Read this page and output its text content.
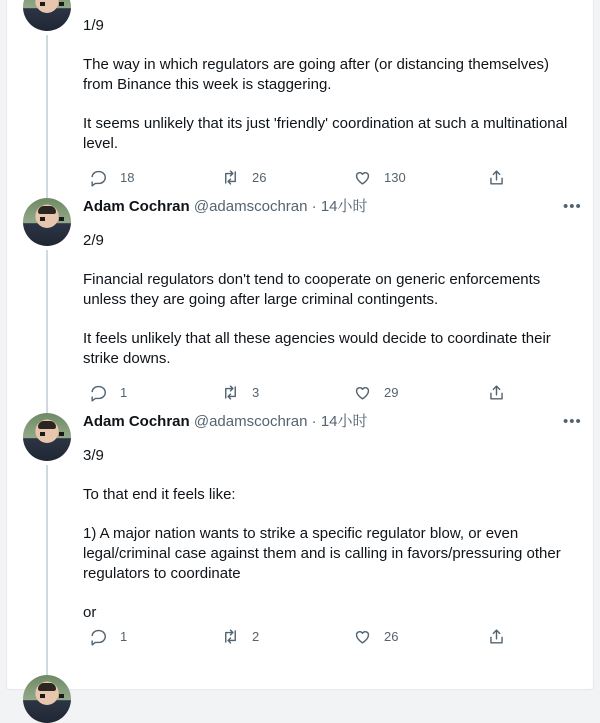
1/9

The way in which regulators are going after (or distancing themselves) from Binance this week is staggering.

It seems unlikely that its just 'friendly' coordination at such a multinational level.

18	26	130
Adam Cochran @adamscochran · 14小时	•••

2/9

Financial regulators don't tend to cooperate on generic enforcements unless they are going after large criminal contingents.

It feels unlikely that all these agencies would decide to coordinate their strike downs.

1	3	29
Adam Cochran @adamscochran · 14小时	•••

3/9

To that end it feels like:

1) A major nation wants to strike a specific regulator blow, or even legal/criminal case against them and is calling in favors/pressuring other regulators to coordinate

or

1	2	26
